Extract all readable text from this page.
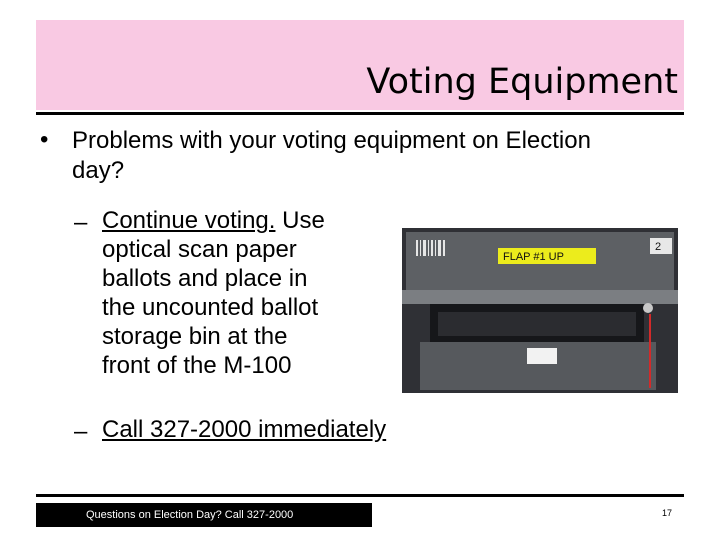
Voting Equipment
• Problems with your voting equipment on Election day?
– Continue voting. Use
optical scan paper
ballots and place in
the uncounted ballot
storage bin at the
front of the M-100
– Call 327-2000 immediately
FLAP #1 UP
2
Questions on Election Day? Call 327-2000	17
